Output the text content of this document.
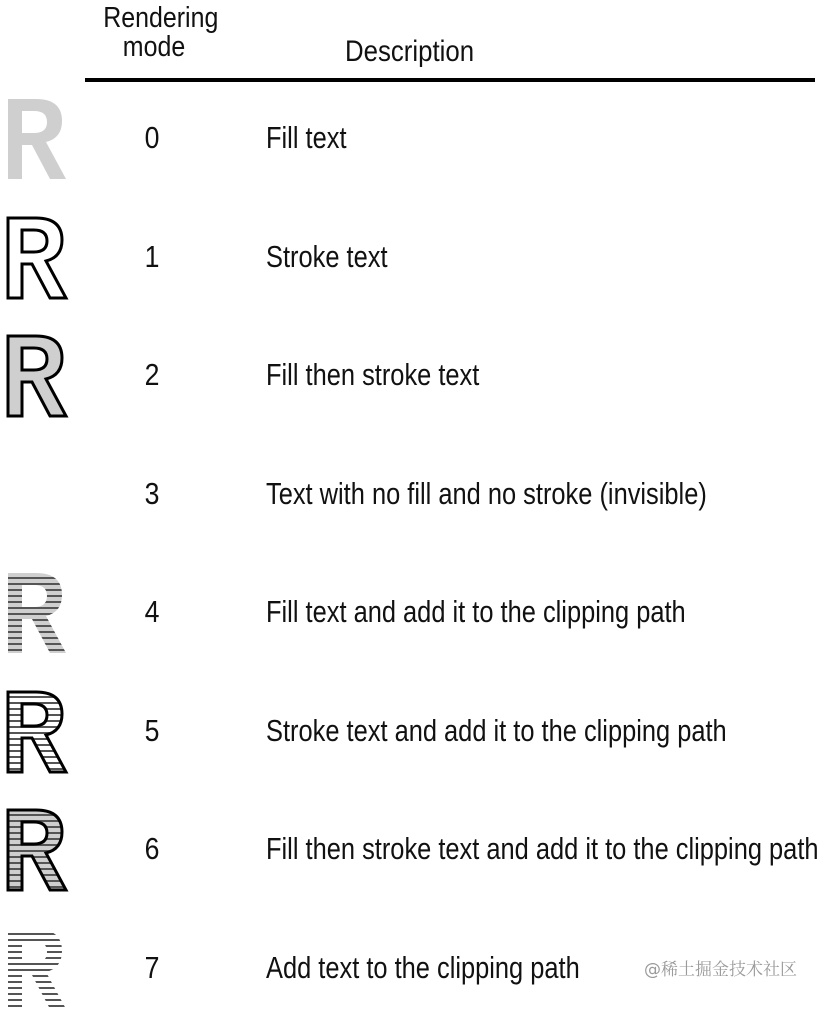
Rendering
mode	Description
0	Fill text
1	Stroke text
2	Fill then stroke text
3	Text with no fill and no stroke (invisible)
4	Fill text and add it to the clipping path
5	Stroke text and add it to the clipping path
6	Fill then stroke text and add it to the clipping path
7	Add text to the clipping path	@稀土掘金技术社区
